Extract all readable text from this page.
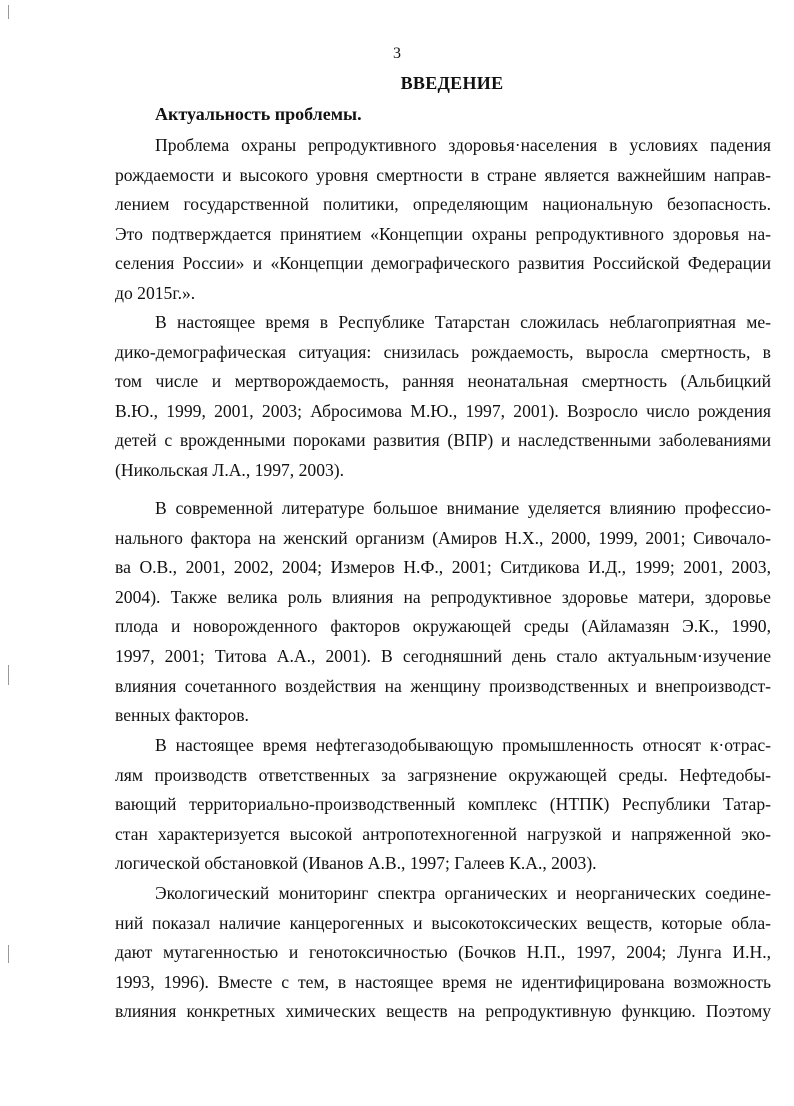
3
ВВЕДЕНИЕ
Актуальность проблемы.
Проблема охраны репродуктивного здоровья·населения в условиях падения
рождаемости и высокого уровня смертности в стране является важнейшим направ-
лением государственной политики, определяющим национальную безопасность.
Это подтверждается принятием «Концепции охраны репродуктивного здоровья на-
селения России» и «Концепции демографического развития Российской Федерации
до 2015г.».
В настоящее время в Республике Татарстан сложилась неблагоприятная ме-
дико-демографическая ситуация: снизилась рождаемость, выросла смертность, в
том числе и мертворождаемость, ранняя неонатальная смертность (Альбицкий
В.Ю., 1999, 2001, 2003; Абросимова М.Ю., 1997, 2001). Возросло число рождения
детей с врожденными пороками развития (ВПР) и наследственными заболеваниями
(Никольская Л.А., 1997, 2003).
В современной литературе большое внимание уделяется влиянию профессио-
нального фактора на женский организм (Амиров Н.Х., 2000, 1999, 2001; Сивочало-
ва О.В., 2001, 2002, 2004; Измеров Н.Ф., 2001; Ситдикова И.Д., 1999; 2001, 2003,
2004). Также велика роль влияния на репродуктивное здоровье матери, здоровье
плода и новорожденного факторов окружающей среды (Айламазян Э.К., 1990,
1997, 2001; Титова А.А., 2001). В сегодняшний день стало актуальным·изучение
влияния сочетанного воздействия на женщину производственных и внепроизводст-
венных факторов.
В настоящее время нефтегазодобывающую промышленность относят к·отрас-
лям производств ответственных за загрязнение окружающей среды. Нефтедобы-
вающий территориально-производственный комплекс (НТПК) Республики Татар-
стан характеризуется высокой антропотехногенной нагрузкой и напряженной эко-
логической обстановкой (Иванов А.В., 1997; Галеев К.А., 2003).
Экологический мониторинг спектра органических и неорганических соедине-
ний показал наличие канцерогенных и высокотоксических веществ, которые обла-
дают мутагенностью и генотоксичностью (Бочков Н.П., 1997, 2004; Лунга И.Н.,
1993, 1996). Вместе с тем, в настоящее время не идентифицирована возможность
влияния конкретных химических веществ на репродуктивную функцию. Поэтому
